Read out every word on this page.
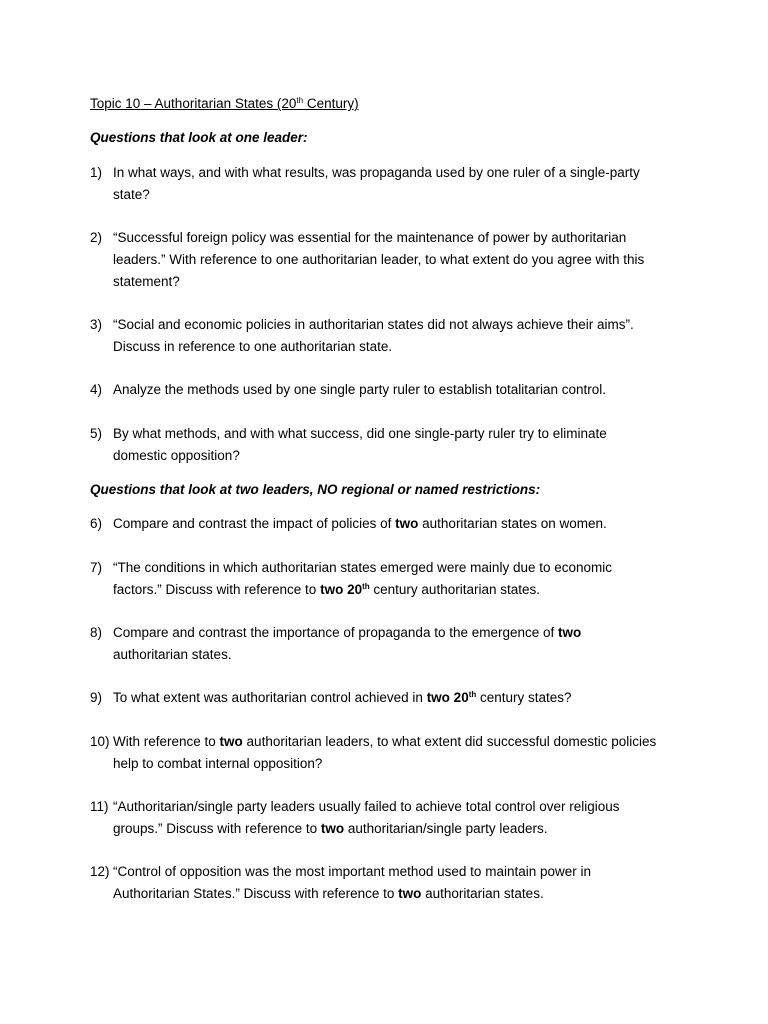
Topic 10 – Authoritarian States (20th Century)
Questions that look at one leader:
Questions that look at two leaders, NO regional or named restrictions:
1) In what ways, and with what results, was propaganda used by one ruler of a single-party
state?
2) “Successful foreign policy was essential for the maintenance of power by authoritarian
leaders.” With reference to one authoritarian leader, to what extent do you agree with this
statement?
3) “Social and economic policies in authoritarian states did not always achieve their aims”.
Discuss in reference to one authoritarian state.
4) Analyze the methods used by one single party ruler to establish totalitarian control.
5) By what methods, and with what success, did one single-party ruler try to eliminate
domestic opposition?
6) Compare and contrast the impact of policies of two authoritarian states on women.
7) “The conditions in which authoritarian states emerged were mainly due to economic
factors.” Discuss with reference to two 20th century authoritarian states.
8) Compare and contrast the importance of propaganda to the emergence of two
authoritarian states.
9) To what extent was authoritarian control achieved in two 20th century states?
10) With reference to two authoritarian leaders, to what extent did successful domestic policies
help to combat internal opposition?
11) “Authoritarian/single party leaders usually failed to achieve total control over religious
groups.” Discuss with reference to two authoritarian/single party leaders.
12) “Control of opposition was the most important method used to maintain power in
Authoritarian States.” Discuss with reference to two authoritarian states.
